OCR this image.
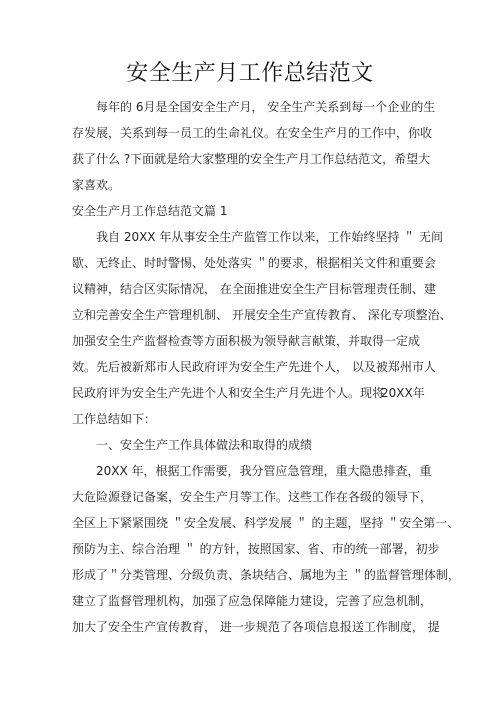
安全生产月工作总结范文
每年的 6月是全国安全生产月， 安全生产关系到每一个企业的生
存发展，关系到每一员工的生命礼仪。在安全生产月的工作中，你收
获了什么 ?下面就是给大家整理的安全生产月工作总结范文，希望大
家喜欢。
安全生产月工作总结范文篇 1
我自 20XX 年从事安全生产监管工作以来，工作始终坚持 ＂ 无间
歇、无终止、时时警惕、处处落实 ＂的要求，根据相关文件和重要会
议精神，结合区实际情况， 在全面推进安全生产目标管理责任制、建
立和完善安全生产管理机制、 开展安全生产宣传教育、 深化专项整治、
加强安全生产监督检查等方面积极为领导献言献策，并取得一定成
效。先后被新郑市人民政府评为安全生产先进个人， 以及被郑州市人
民政府评为安全生产先进个人和安全生产月先进个人。现将
20XX年
工作总结如下：
一、安全生产工作具体做法和取得的成绩
20XX 年，根据工作需要，我分管应急管理，重大隐患排查，重
大危险源登记备案，安全生产月等工作。这些工作在各级的领导下，
全区上下紧紧围绕 ＂安全发展、科学发展 ＂ 的主题，坚持 ＂安全第一、
预防为主、综合治理 ＂ 的方针，按照国家、省、市的统一部署，初步
形成了＂分类管理、分级负责、条块结合、属地为主 ＂的监督管理体制，
建立了监督管理机构，加强了应急保障能力建设，完善了应急机制，
加大了安全生产宣传教育， 进一步规范了各项信息报送工作制度， 提
